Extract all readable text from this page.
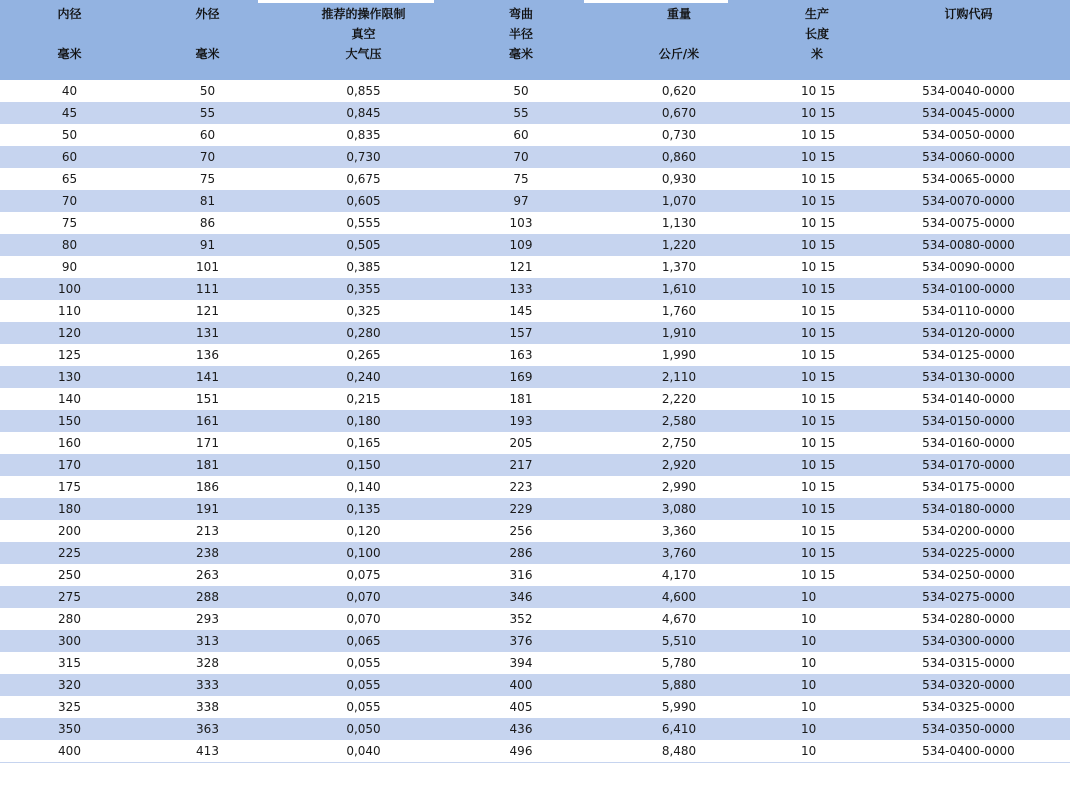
内径
毫米	外径
毫米	推荐的操作限制
真空
大气压	弯曲
半径
毫米	重量
公斤/米	生产
长度
米	订购代码

40	50	0,855	50	0,620	10 15	534-0040-0000
45	55	0,845	55	0,670	10 15	534-0045-0000
50	60	0,835	60	0,730	10 15	534-0050-0000
60	70	0,730	70	0,860	10 15	534-0060-0000
65	75	0,675	75	0,930	10 15	534-0065-0000
70	81	0,605	97	1,070	10 15	534-0070-0000
75	86	0,555	103	1,130	10 15	534-0075-0000
80	91	0,505	109	1,220	10 15	534-0080-0000
90	101	0,385	121	1,370	10 15	534-0090-0000
100	111	0,355	133	1,610	10 15	534-0100-0000
110	121	0,325	145	1,760	10 15	534-0110-0000
120	131	0,280	157	1,910	10 15	534-0120-0000
125	136	0,265	163	1,990	10 15	534-0125-0000
130	141	0,240	169	2,110	10 15	534-0130-0000
140	151	0,215	181	2,220	10 15	534-0140-0000
150	161	0,180	193	2,580	10 15	534-0150-0000
160	171	0,165	205	2,750	10 15	534-0160-0000
170	181	0,150	217	2,920	10 15	534-0170-0000
175	186	0,140	223	2,990	10 15	534-0175-0000
180	191	0,135	229	3,080	10 15	534-0180-0000
200	213	0,120	256	3,360	10 15	534-0200-0000
225	238	0,100	286	3,760	10 15	534-0225-0000
250	263	0,075	316	4,170	10 15	534-0250-0000
275	288	0,070	346	4,600	10	534-0275-0000
280	293	0,070	352	4,670	10	534-0280-0000
300	313	0,065	376	5,510	10	534-0300-0000
315	328	0,055	394	5,780	10	534-0315-0000
320	333	0,055	400	5,880	10	534-0320-0000
325	338	0,055	405	5,990	10	534-0325-0000
350	363	0,050	436	6,410	10	534-0350-0000
400	413	0,040	496	8,480	10	534-0400-0000
